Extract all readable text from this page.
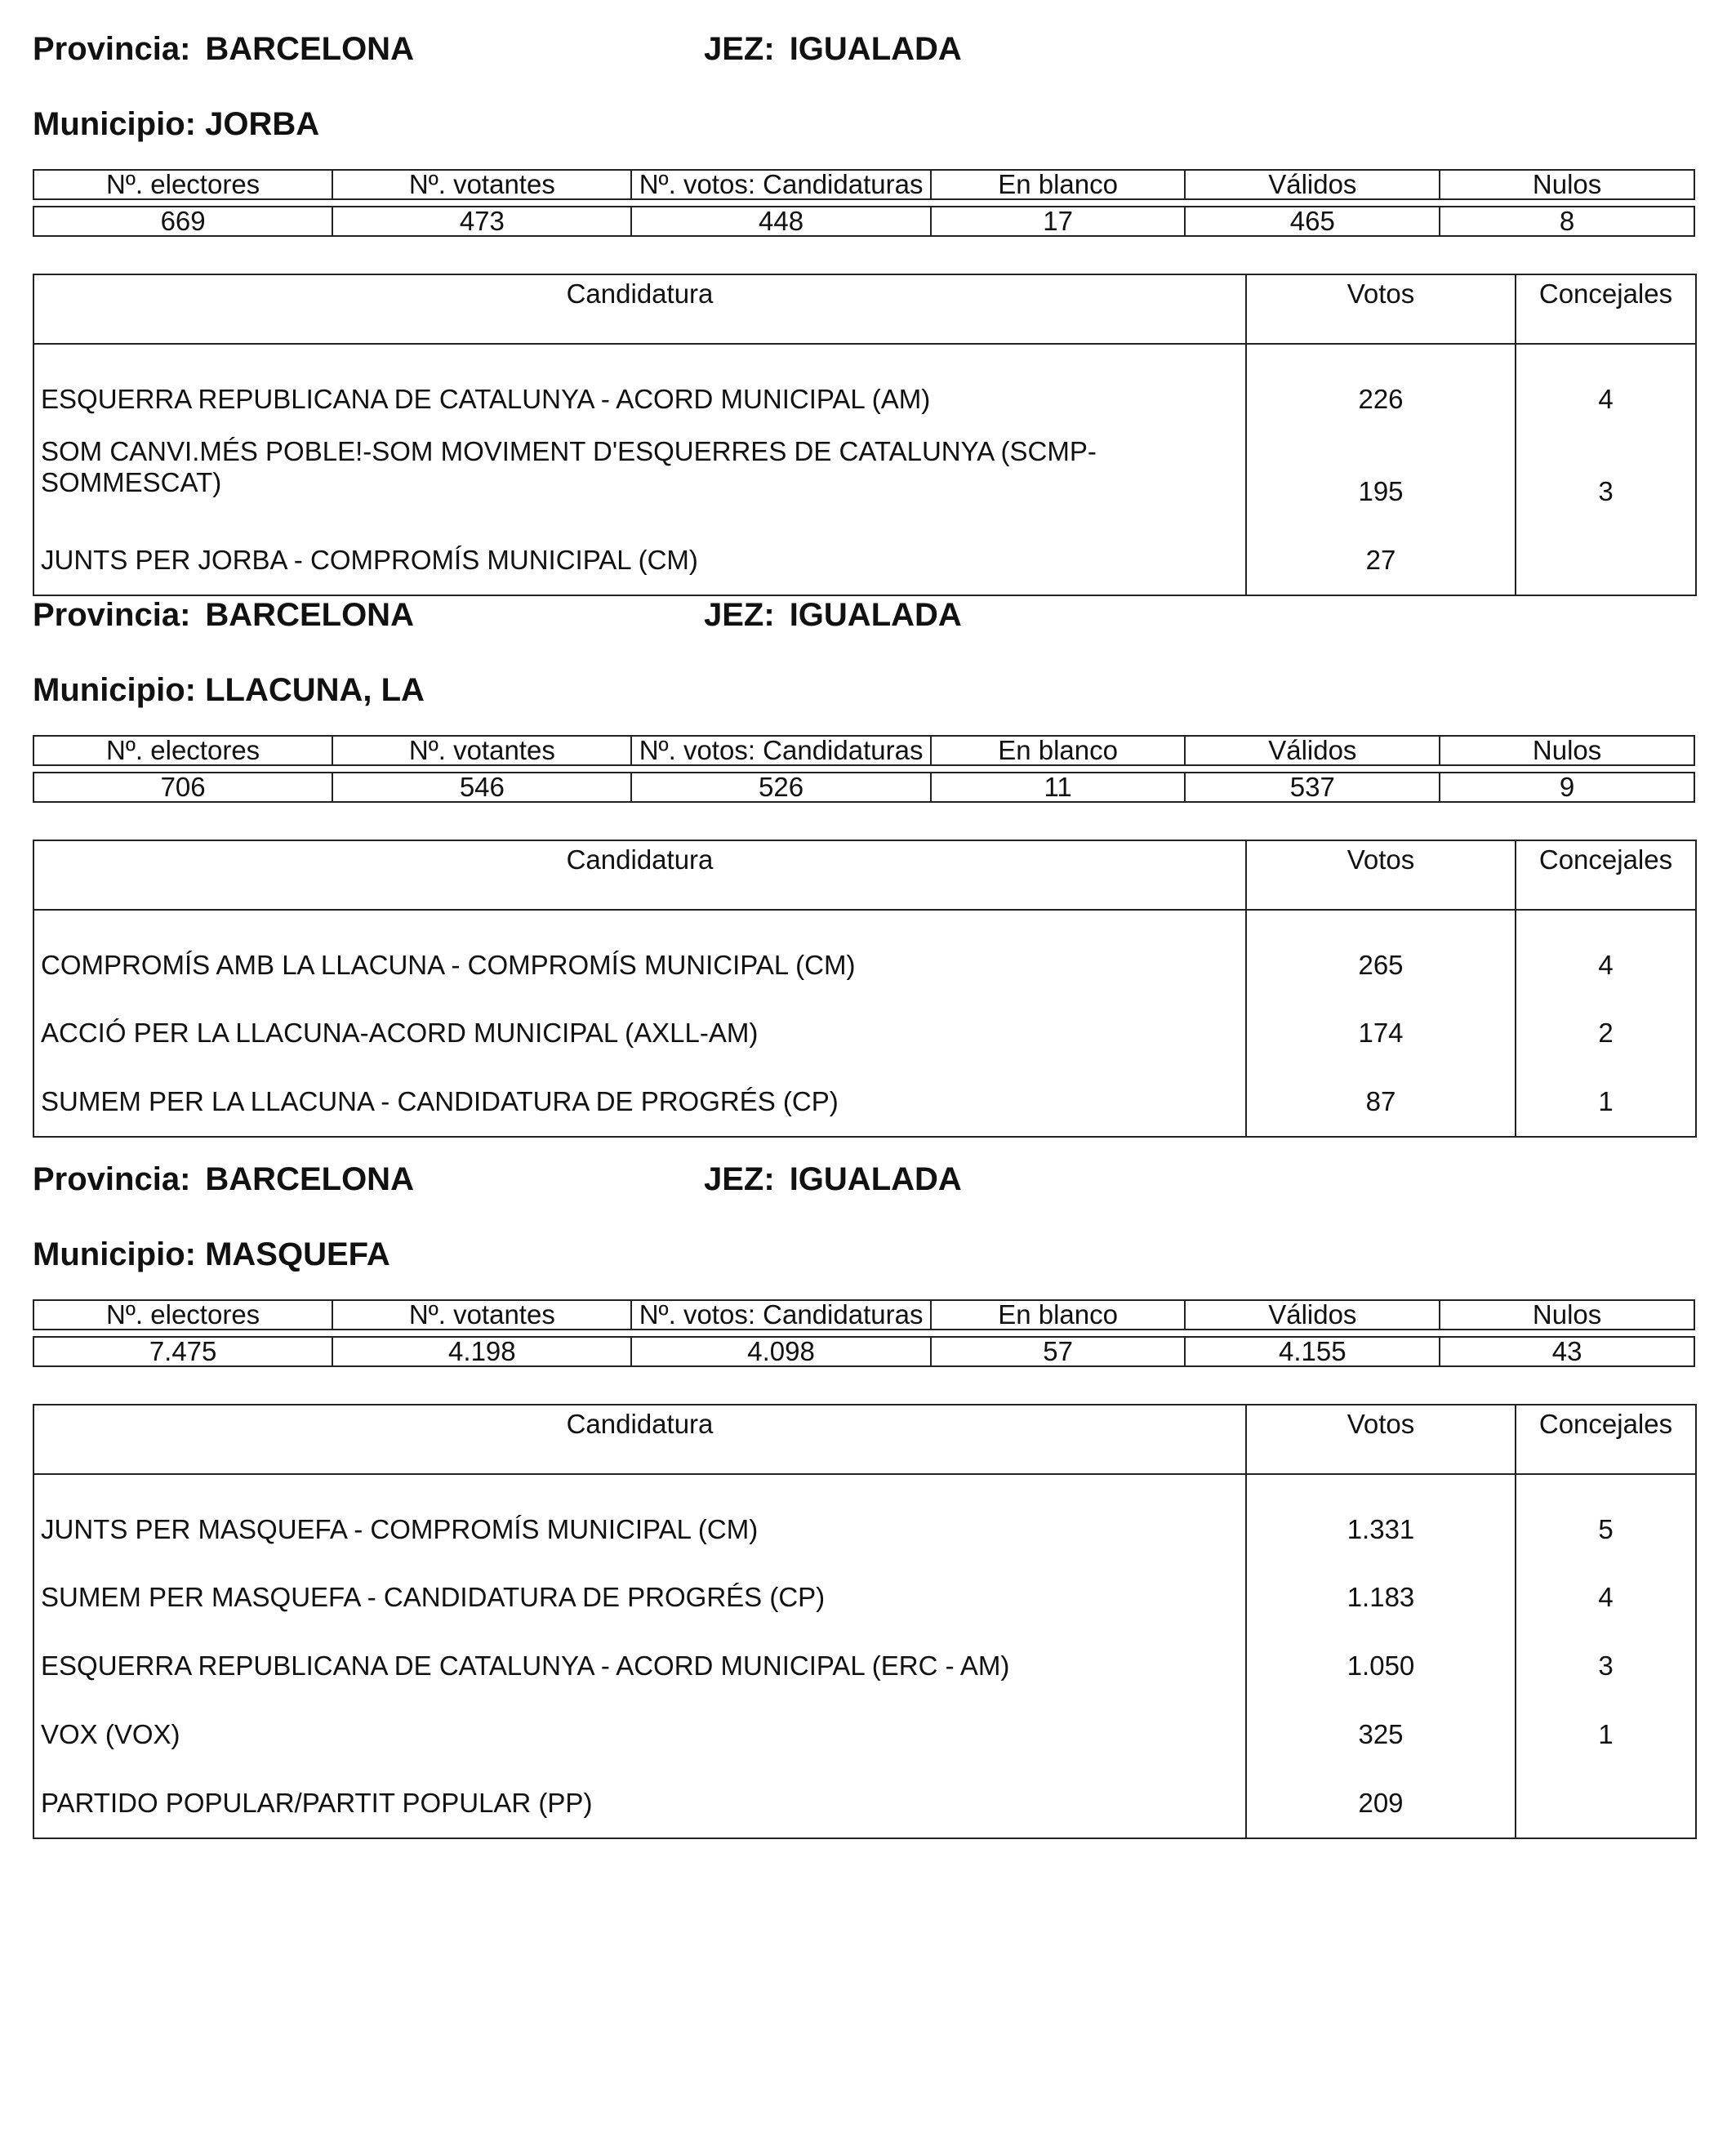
Provincia: BARCELONA	JEZ: IGUALADA
Municipio: JORBA
Nº. electores	Nº. votantes	Nº. votos: Candidaturas	En blanco	Válidos	Nulos

669	473	448	17	465	8
Candidatura	Votos	Concejales
ESQUERRA REPUBLICANA DE CATALUNYA - ACORD MUNICIPAL (AM)	226	4

SOM CANVI.MÉS POBLE!-SOM MOVIMENT D'ESQUERRES DE CATALUNYA (SCMP-SOMMESCAT)	195	3
JUNTS PER JORBA - COMPROMÍS MUNICIPAL (CM)	27	
Provincia: BARCELONA	JEZ: IGUALADA
Municipio: LLACUNA, LA
Nº. electores	Nº. votantes	Nº. votos: Candidaturas	En blanco	Válidos	Nulos

706	546	526	11	537	9
Candidatura	Votos	Concejales
COMPROMÍS AMB LA LLACUNA - COMPROMÍS MUNICIPAL (CM)	265	4
ACCIÓ PER LA LLACUNA-ACORD MUNICIPAL (AXLL-AM)	174	2
SUMEM PER LA LLACUNA - CANDIDATURA DE PROGRÉS (CP)	87	1
Provincia: BARCELONA	JEZ: IGUALADA
Municipio: MASQUEFA
Nº. electores	Nº. votantes	Nº. votos: Candidaturas	En blanco	Válidos	Nulos

7.475	4.198	4.098	57	4.155	43
Candidatura	Votos	Concejales
JUNTS PER MASQUEFA - COMPROMÍS MUNICIPAL (CM)	1.331	5
SUMEM PER MASQUEFA - CANDIDATURA DE PROGRÉS (CP)	1.183	4
ESQUERRA REPUBLICANA DE CATALUNYA - ACORD MUNICIPAL (ERC - AM)	1.050	3
VOX (VOX)	325	1
PARTIDO POPULAR/PARTIT POPULAR (PP)	209	
